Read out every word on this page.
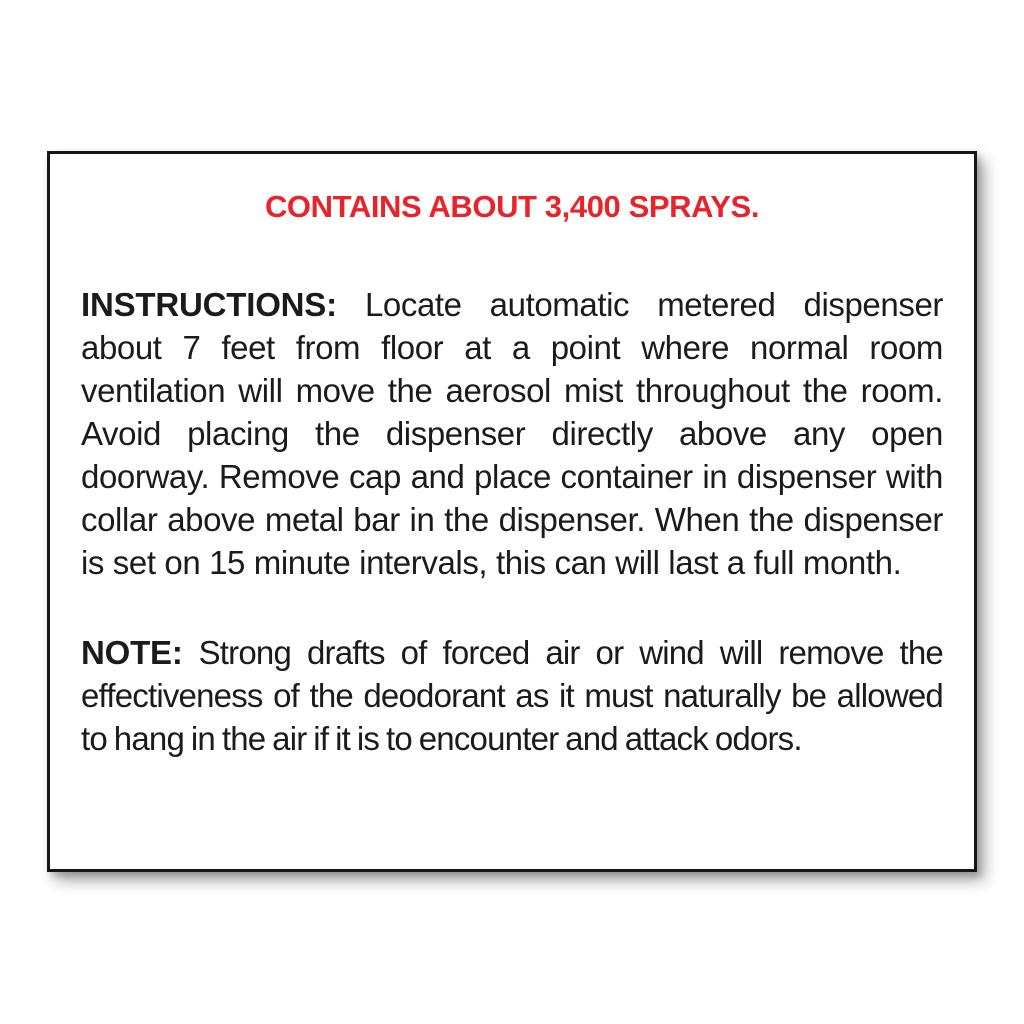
CONTAINS ABOUT 3,400 SPRAYS.

INSTRUCTIONS: Locate automatic metered dispenser about 7 feet from floor at a point where normal room ventilation will move the aerosol mist throughout the room. Avoid placing the dispenser directly above any open doorway. Remove cap and place container in dispenser with collar above metal bar in the dispenser. When the dispenser is set on 15 minute intervals, this can will last a full month.

NOTE: Strong drafts of forced air or wind will remove the effectiveness of the deodorant as it must naturally be allowed to hang in the air if it is to encounter and attack odors.
